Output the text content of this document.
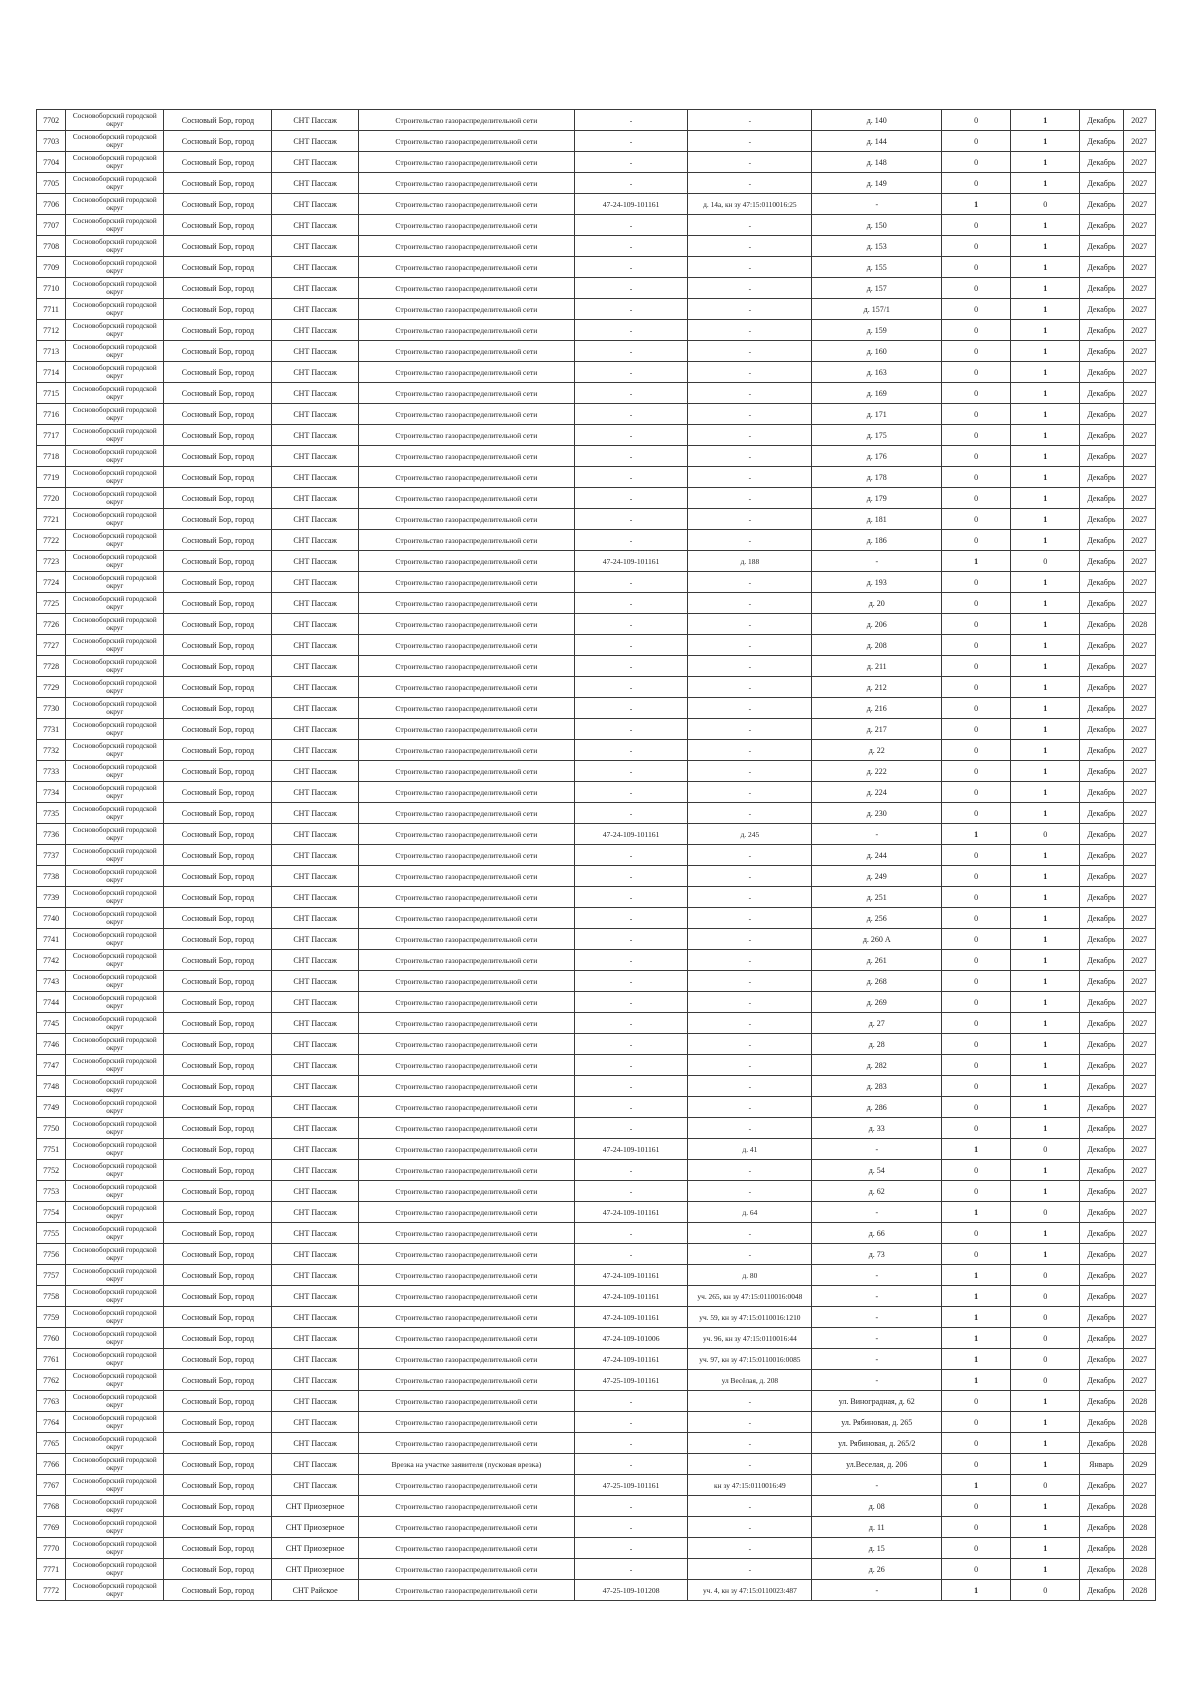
7702	Сосновоборский городской округ	Сосновый Бор, город	СНТ Пассаж	Строительство газораспределительной сети	-	-	д. 140	0	1	Декабрь	2027
7703	Сосновоборский городской округ	Сосновый Бор, город	СНТ Пассаж	Строительство газораспределительной сети	-	-	д. 144	0	1	Декабрь	2027
7704	Сосновоборский городской округ	Сосновый Бор, город	СНТ Пассаж	Строительство газораспределительной сети	-	-	д. 148	0	1	Декабрь	2027
7705	Сосновоборский городской округ	Сосновый Бор, город	СНТ Пассаж	Строительство газораспределительной сети	-	-	д. 149	0	1	Декабрь	2027
7706	Сосновоборский городской округ	Сосновый Бор, город	СНТ Пассаж	Строительство газораспределительной сети	47-24-109-101161	д. 14а, кн зу 47:15:0110016:25	-	1	0	Декабрь	2027
7707	Сосновоборский городской округ	Сосновый Бор, город	СНТ Пассаж	Строительство газораспределительной сети	-	-	д. 150	0	1	Декабрь	2027
7708	Сосновоборский городской округ	Сосновый Бор, город	СНТ Пассаж	Строительство газораспределительной сети	-	-	д. 153	0	1	Декабрь	2027
7709	Сосновоборский городской округ	Сосновый Бор, город	СНТ Пассаж	Строительство газораспределительной сети	-	-	д. 155	0	1	Декабрь	2027
7710	Сосновоборский городской округ	Сосновый Бор, город	СНТ Пассаж	Строительство газораспределительной сети	-	-	д. 157	0	1	Декабрь	2027
7711	Сосновоборский городской округ	Сосновый Бор, город	СНТ Пассаж	Строительство газораспределительной сети	-	-	д. 157/1	0	1	Декабрь	2027
7712	Сосновоборский городской округ	Сосновый Бор, город	СНТ Пассаж	Строительство газораспределительной сети	-	-	д. 159	0	1	Декабрь	2027
7713	Сосновоборский городской округ	Сосновый Бор, город	СНТ Пассаж	Строительство газораспределительной сети	-	-	д. 160	0	1	Декабрь	2027
7714	Сосновоборский городской округ	Сосновый Бор, город	СНТ Пассаж	Строительство газораспределительной сети	-	-	д. 163	0	1	Декабрь	2027
7715	Сосновоборский городской округ	Сосновый Бор, город	СНТ Пассаж	Строительство газораспределительной сети	-	-	д. 169	0	1	Декабрь	2027
7716	Сосновоборский городской округ	Сосновый Бор, город	СНТ Пассаж	Строительство газораспределительной сети	-	-	д. 171	0	1	Декабрь	2027
7717	Сосновоборский городской округ	Сосновый Бор, город	СНТ Пассаж	Строительство газораспределительной сети	-	-	д. 175	0	1	Декабрь	2027
7718	Сосновоборский городской округ	Сосновый Бор, город	СНТ Пассаж	Строительство газораспределительной сети	-	-	д. 176	0	1	Декабрь	2027
7719	Сосновоборский городской округ	Сосновый Бор, город	СНТ Пассаж	Строительство газораспределительной сети	-	-	д. 178	0	1	Декабрь	2027
7720	Сосновоборский городской округ	Сосновый Бор, город	СНТ Пассаж	Строительство газораспределительной сети	-	-	д. 179	0	1	Декабрь	2027
7721	Сосновоборский городской округ	Сосновый Бор, город	СНТ Пассаж	Строительство газораспределительной сети	-	-	д. 181	0	1	Декабрь	2027
7722	Сосновоборский городской округ	Сосновый Бор, город	СНТ Пассаж	Строительство газораспределительной сети	-	-	д. 186	0	1	Декабрь	2027
7723	Сосновоборский городской округ	Сосновый Бор, город	СНТ Пассаж	Строительство газораспределительной сети	47-24-109-101161	д. 188	-	1	0	Декабрь	2027
7724	Сосновоборский городской округ	Сосновый Бор, город	СНТ Пассаж	Строительство газораспределительной сети	-	-	д. 193	0	1	Декабрь	2027
7725	Сосновоборский городской округ	Сосновый Бор, город	СНТ Пассаж	Строительство газораспределительной сети	-	-	д. 20	0	1	Декабрь	2027
7726	Сосновоборский городской округ	Сосновый Бор, город	СНТ Пассаж	Строительство газораспределительной сети	-	-	д. 206	0	1	Декабрь	2028
7727	Сосновоборский городской округ	Сосновый Бор, город	СНТ Пассаж	Строительство газораспределительной сети	-	-	д. 208	0	1	Декабрь	2027
7728	Сосновоборский городской округ	Сосновый Бор, город	СНТ Пассаж	Строительство газораспределительной сети	-	-	д. 211	0	1	Декабрь	2027
7729	Сосновоборский городской округ	Сосновый Бор, город	СНТ Пассаж	Строительство газораспределительной сети	-	-	д. 212	0	1	Декабрь	2027
7730	Сосновоборский городской округ	Сосновый Бор, город	СНТ Пассаж	Строительство газораспределительной сети	-	-	д. 216	0	1	Декабрь	2027
7731	Сосновоборский городской округ	Сосновый Бор, город	СНТ Пассаж	Строительство газораспределительной сети	-	-	д. 217	0	1	Декабрь	2027
7732	Сосновоборский городской округ	Сосновый Бор, город	СНТ Пассаж	Строительство газораспределительной сети	-	-	д. 22	0	1	Декабрь	2027
7733	Сосновоборский городской округ	Сосновый Бор, город	СНТ Пассаж	Строительство газораспределительной сети	-	-	д. 222	0	1	Декабрь	2027
7734	Сосновоборский городской округ	Сосновый Бор, город	СНТ Пассаж	Строительство газораспределительной сети	-	-	д. 224	0	1	Декабрь	2027
7735	Сосновоборский городской округ	Сосновый Бор, город	СНТ Пассаж	Строительство газораспределительной сети	-	-	д. 230	0	1	Декабрь	2027
7736	Сосновоборский городской округ	Сосновый Бор, город	СНТ Пассаж	Строительство газораспределительной сети	47-24-109-101161	д. 245	-	1	0	Декабрь	2027
7737	Сосновоборский городской округ	Сосновый Бор, город	СНТ Пассаж	Строительство газораспределительной сети	-	-	д. 244	0	1	Декабрь	2027
7738	Сосновоборский городской округ	Сосновый Бор, город	СНТ Пассаж	Строительство газораспределительной сети	-	-	д. 249	0	1	Декабрь	2027
7739	Сосновоборский городской округ	Сосновый Бор, город	СНТ Пассаж	Строительство газораспределительной сети	-	-	д. 251	0	1	Декабрь	2027
7740	Сосновоборский городской округ	Сосновый Бор, город	СНТ Пассаж	Строительство газораспределительной сети	-	-	д. 256	0	1	Декабрь	2027
7741	Сосновоборский городской округ	Сосновый Бор, город	СНТ Пассаж	Строительство газораспределительной сети	-	-	д. 260 А	0	1	Декабрь	2027
7742	Сосновоборский городской округ	Сосновый Бор, город	СНТ Пассаж	Строительство газораспределительной сети	-	-	д. 261	0	1	Декабрь	2027
7743	Сосновоборский городской округ	Сосновый Бор, город	СНТ Пассаж	Строительство газораспределительной сети	-	-	д. 268	0	1	Декабрь	2027
7744	Сосновоборский городской округ	Сосновый Бор, город	СНТ Пассаж	Строительство газораспределительной сети	-	-	д. 269	0	1	Декабрь	2027
7745	Сосновоборский городской округ	Сосновый Бор, город	СНТ Пассаж	Строительство газораспределительной сети	-	-	д. 27	0	1	Декабрь	2027
7746	Сосновоборский городской округ	Сосновый Бор, город	СНТ Пассаж	Строительство газораспределительной сети	-	-	д. 28	0	1	Декабрь	2027
7747	Сосновоборский городской округ	Сосновый Бор, город	СНТ Пассаж	Строительство газораспределительной сети	-	-	д. 282	0	1	Декабрь	2027
7748	Сосновоборский городской округ	Сосновый Бор, город	СНТ Пассаж	Строительство газораспределительной сети	-	-	д. 283	0	1	Декабрь	2027
7749	Сосновоборский городской округ	Сосновый Бор, город	СНТ Пассаж	Строительство газораспределительной сети	-	-	д. 286	0	1	Декабрь	2027
7750	Сосновоборский городской округ	Сосновый Бор, город	СНТ Пассаж	Строительство газораспределительной сети	-	-	д. 33	0	1	Декабрь	2027
7751	Сосновоборский городской округ	Сосновый Бор, город	СНТ Пассаж	Строительство газораспределительной сети	47-24-109-101161	д. 41	-	1	0	Декабрь	2027
7752	Сосновоборский городской округ	Сосновый Бор, город	СНТ Пассаж	Строительство газораспределительной сети	-	-	д. 54	0	1	Декабрь	2027
7753	Сосновоборский городской округ	Сосновый Бор, город	СНТ Пассаж	Строительство газораспределительной сети	-	-	д. 62	0	1	Декабрь	2027
7754	Сосновоборский городской округ	Сосновый Бор, город	СНТ Пассаж	Строительство газораспределительной сети	47-24-109-101161	д. 64	-	1	0	Декабрь	2027
7755	Сосновоборский городской округ	Сосновый Бор, город	СНТ Пассаж	Строительство газораспределительной сети	-	-	д. 66	0	1	Декабрь	2027
7756	Сосновоборский городской округ	Сосновый Бор, город	СНТ Пассаж	Строительство газораспределительной сети	-	-	д. 73	0	1	Декабрь	2027
7757	Сосновоборский городской округ	Сосновый Бор, город	СНТ Пассаж	Строительство газораспределительной сети	47-24-109-101161	д. 80	-	1	0	Декабрь	2027
7758	Сосновоборский городской округ	Сосновый Бор, город	СНТ Пассаж	Строительство газораспределительной сети	47-24-109-101161	уч. 265, кн зу 47:15:0110016:0048	-	1	0	Декабрь	2027
7759	Сосновоборский городской округ	Сосновый Бор, город	СНТ Пассаж	Строительство газораспределительной сети	47-24-109-101161	уч. 59, кн зу 47:15:0110016:1210	-	1	0	Декабрь	2027
7760	Сосновоборский городской округ	Сосновый Бор, город	СНТ Пассаж	Строительство газораспределительной сети	47-24-109-101006	уч. 96, кн зу 47:15:0110016:44	-	1	0	Декабрь	2027
7761	Сосновоборский городской округ	Сосновый Бор, город	СНТ Пассаж	Строительство газораспределительной сети	47-24-109-101161	уч. 97, кн зу 47:15:0110016:0085	-	1	0	Декабрь	2027
7762	Сосновоборский городской округ	Сосновый Бор, город	СНТ Пассаж	Строительство газораспределительной сети	47-25-109-101161	ул Весёлая, д. 208	-	1	0	Декабрь	2027
7763	Сосновоборский городской округ	Сосновый Бор, город	СНТ Пассаж	Строительство газораспределительной сети	-	-	ул. Виноградная, д. 62	0	1	Декабрь	2028
7764	Сосновоборский городской округ	Сосновый Бор, город	СНТ Пассаж	Строительство газораспределительной сети	-	-	ул. Рябиновая, д. 265	0	1	Декабрь	2028
7765	Сосновоборский городской округ	Сосновый Бор, город	СНТ Пассаж	Строительство газораспределительной сети	-	-	ул. Рябиновая, д. 265/2	0	1	Декабрь	2028
7766	Сосновоборский городской округ	Сосновый Бор, город	СНТ Пассаж	Врезка на участке заявителя (пусковая врезка)	-	-	ул.Веселая, д. 206	0	1	Январь	2029
7767	Сосновоборский городской округ	Сосновый Бор, город	СНТ Пассаж	Строительство газораспределительной сети	47-25-109-101161	кн зу 47:15:0110016:49	-	1	0	Декабрь	2027
7768	Сосновоборский городской округ	Сосновый Бор, город	СНТ Приозерное	Строительство газораспределительной сети	-	-	д. 08	0	1	Декабрь	2028
7769	Сосновоборский городской округ	Сосновый Бор, город	СНТ Приозерное	Строительство газораспределительной сети	-	-	д. 11	0	1	Декабрь	2028
7770	Сосновоборский городской округ	Сосновый Бор, город	СНТ Приозерное	Строительство газораспределительной сети	-	-	д. 15	0	1	Декабрь	2028
7771	Сосновоборский городской округ	Сосновый Бор, город	СНТ Приозерное	Строительство газораспределительной сети	-	-	д. 26	0	1	Декабрь	2028
7772	Сосновоборский городской округ	Сосновый Бор, город	СНТ Райское	Строительство газораспределительной сети	47-25-109-101208	уч. 4, кн зу 47:15:0110023:487	-	1	0	Декабрь	2028
